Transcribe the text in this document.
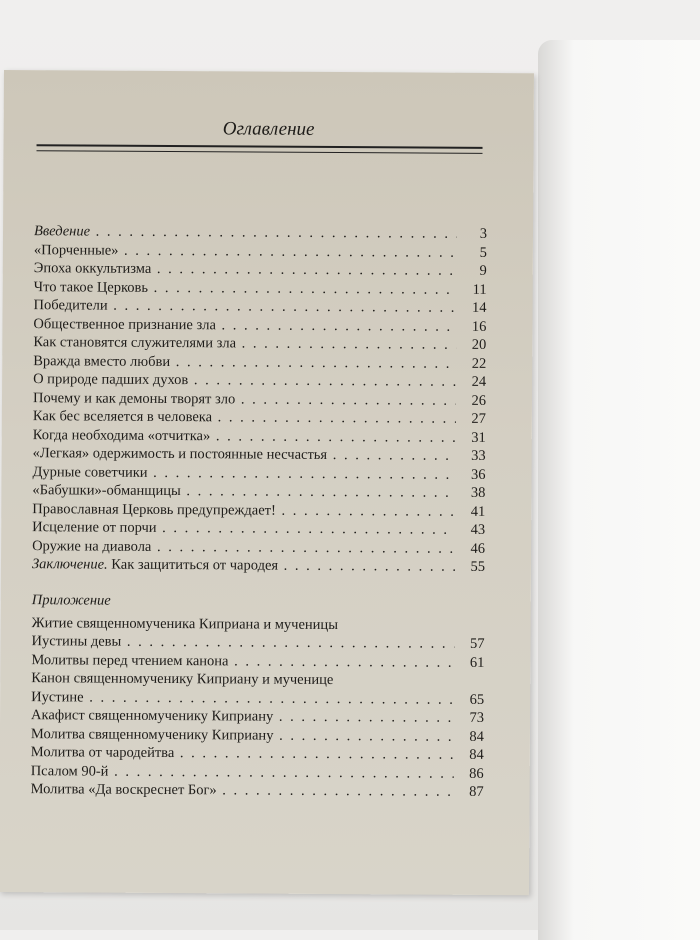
Оглавление
Введение . . .	3
«Порченные» . . .	5
Эпоха оккультизма . . .	9
Что такое Церковь . . .	11
Победители . . .	14
Общественное признание зла . . .	16
Как становятся служителями зла . . .	20
Вражда вместо любви . . .	22
О природе падших духов . . .	24
Почему и как демоны творят зло . . .	26
Как бес вселяется в человека . . .	27
Когда необходима «отчитка» . . .	31
«Легкая» одержимость и постоянные несчастья . . .	33
Дурные советчики . . .	36
«Бабушки»-обманщицы . . .	38
Православная Церковь предупреждает! . . .	41
Исцеление от порчи . . .	43
Оружие на диавола . . .	46
Заключение. Как защититься от чародея . . .	55
Приложение
Житие священномученика Киприана и мученицы
Иустины девы . . .	57
Молитвы перед чтением канона . . .	61
Канон священномученику Киприану и мученице
Иустине . . .	65
Акафист священномученику Киприану . . .	73
Молитва священномученику Киприану . . .	84
Молитва от чародейтва . . .	84
Псалом 90-й . . .	86
Молитва «Да воскреснет Бог» . . .	87
